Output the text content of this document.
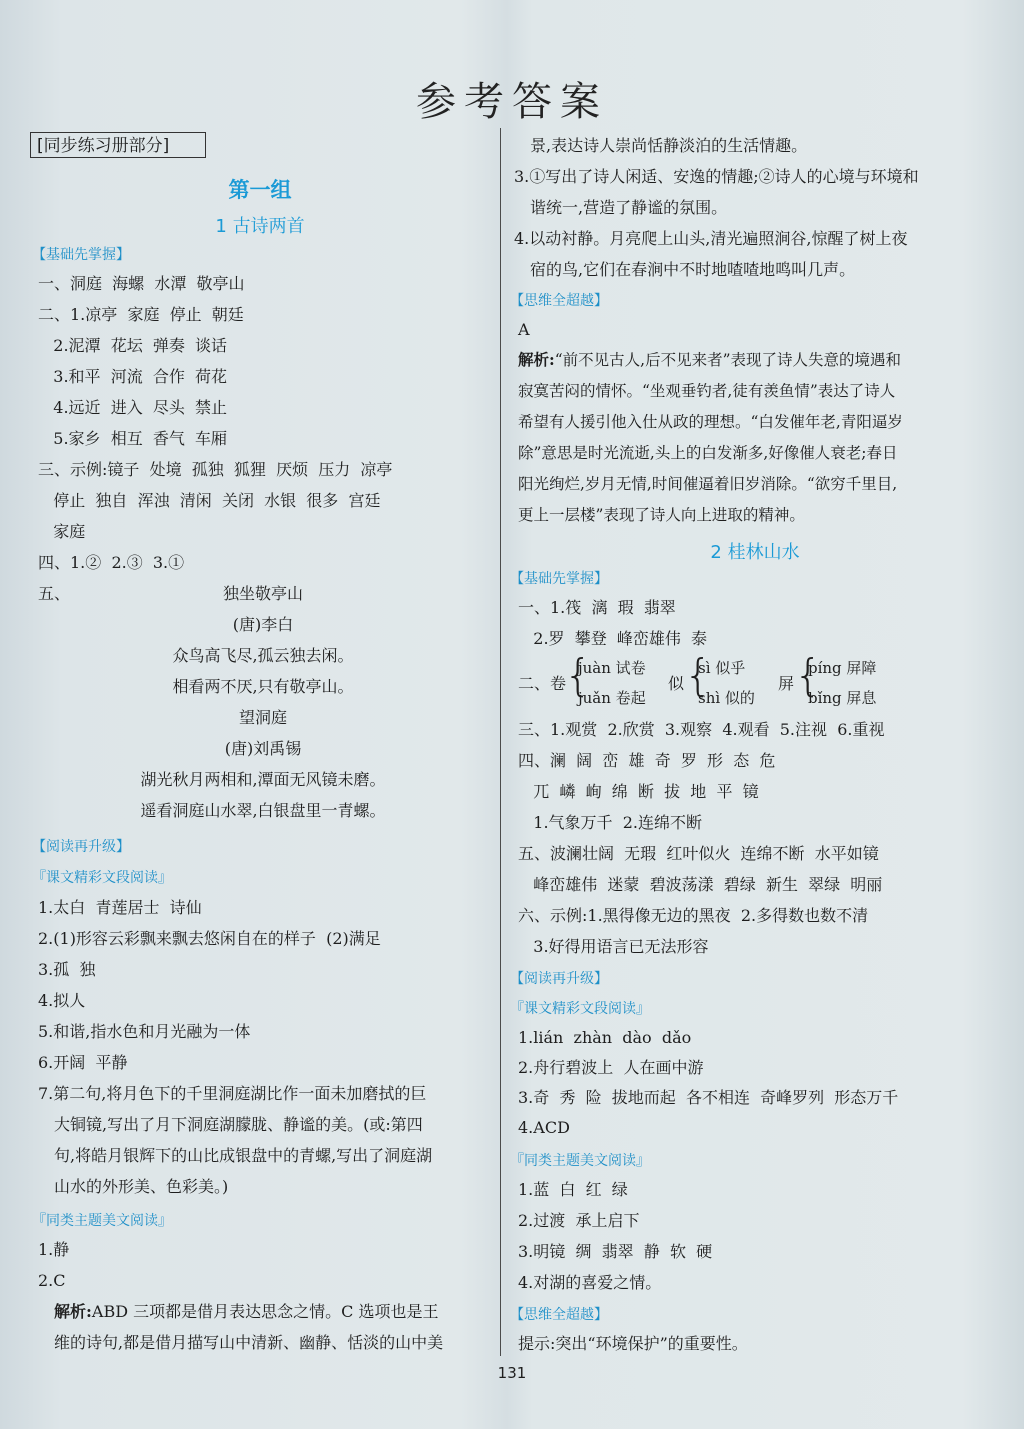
参考答案
[同步练习册部分]
第一组
1 古诗两首
【基础先掌握】
一、洞庭  海螺  水潭  敬亭山
二、1.凉亭  家庭  停止  朝廷
2.泥潭  花坛  弹奏  谈话
3.和平  河流  合作  荷花
4.远近  进入  尽头  禁止
5.家乡  相互  香气  车厢
三、示例:镜子  处境  孤独  狐狸  厌烦  压力  凉亭
停止  独自  浑浊  清闲  关闭  水银  很多  宫廷
家庭
四、1.②  2.③  3.①
五、	独坐敬亭山
(唐)李白
众鸟高飞尽,孤云独去闲。
相看两不厌,只有敬亭山。
望洞庭
(唐)刘禹锡
湖光秋月两相和,潭面无风镜未磨。
遥看洞庭山水翠,白银盘里一青螺。
【阅读再升级】
『课文精彩文段阅读』
1.太白  青莲居士  诗仙
2.(1)形容云彩飘来飘去悠闲自在的样子  (2)满足
3.孤  独
4.拟人
5.和谐,指水色和月光融为一体
6.开阔  平静
7.第二句,将月色下的千里洞庭湖比作一面未加磨拭的巨
大铜镜,写出了月下洞庭湖朦胧、静谧的美。(或:第四
句,将皓月银辉下的山比成银盘中的青螺,写出了洞庭湖
山水的外形美、色彩美。)
『同类主题美文阅读』
1.静
2.C
解析:ABD 三项都是借月表达思念之情。C 选项也是王
维的诗句,都是借月描写山中清新、幽静、恬淡的山中美
景,表达诗人崇尚恬静淡泊的生活情趣。
3.①写出了诗人闲适、安逸的情趣;②诗人的心境与环境和
谐统一,营造了静谧的氛围。
4.以动衬静。月亮爬上山头,清光遍照涧谷,惊醒了树上夜
宿的鸟,它们在春涧中不时地喳喳地鸣叫几声。
【思维全超越】
A
解析:“前不见古人,后不见来者”表现了诗人失意的境遇和
寂寞苦闷的情怀。“坐观垂钓者,徒有羡鱼情”表达了诗人
希望有人援引他入仕从政的理想。“白发催年老,青阳逼岁
除”意思是时光流逝,头上的白发渐多,好像催人衰老;春日
阳光绚烂,岁月无情,时间催逼着旧岁消除。“欲穷千里目,
更上一层楼”表现了诗人向上进取的精神。
2 桂林山水
【基础先掌握】
一、1.筏  漓  瑕  翡翠
2.罗  攀登  峰峦雄伟  泰
二、卷
{
juàn 试卷
juǎn 卷起
似 {
sì 似乎
shì 似的
屏 {
píng 屏障
bǐng 屏息
三、1.观赏  2.欣赏  3.观察  4.观看  5.注视  6.重视
四、澜  阔  峦  雄  奇  罗  形  态  危
兀  嶙  峋  绵  断  拔  地  平  镜
1.气象万千  2.连绵不断
五、波澜壮阔  无瑕  红叶似火  连绵不断  水平如镜
峰峦雄伟  迷蒙  碧波荡漾  碧绿  新生  翠绿  明丽
六、示例:1.黑得像无边的黑夜  2.多得数也数不清
3.好得用语言已无法形容
【阅读再升级】
『课文精彩文段阅读』
1.lián  zhàn  dào  dǎo
2.舟行碧波上  人在画中游
3.奇  秀  险  拔地而起  各不相连  奇峰罗列  形态万千
4.ACD
『同类主题美文阅读』
1.蓝  白  红  绿
2.过渡  承上启下
3.明镜  绸  翡翠  静  软  硬
4.对湖的喜爱之情。
【思维全超越】
提示:突出“环境保护”的重要性。
131
